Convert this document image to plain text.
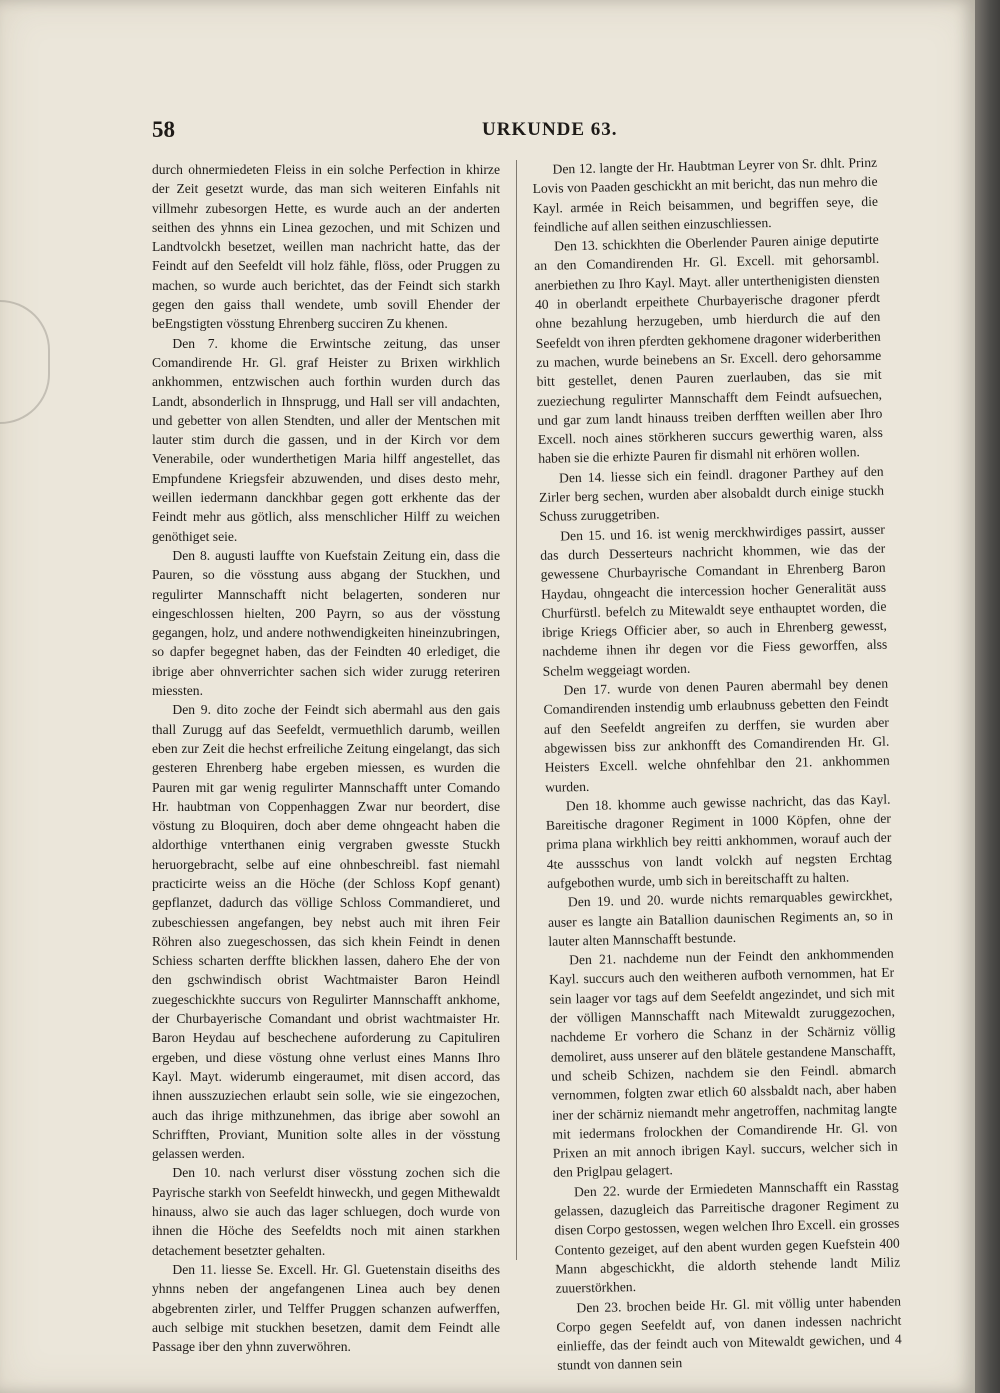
58	URKUNDE 63.

durch ohnermiedeten Fleiss in ein solche Perfection in khirze der Zeit gesetzt wurde, das man sich weiteren Einfahls nit villmehr zubesorgen Hette, es wurde auch an der anderten seithen des yhnns ein Linea gezochen, und mit Schizen und Landtvolckh besetzet, weillen man nachricht hatte, das der Feindt auf den Seefeldt vill holz fähle, flöss, oder Pruggen zu machen, so wurde auch berichtet, das der Feindt sich starkh gegen den gaiss thall wendete, umb sovill Ehender der beEngstigten vösstung Ehrenberg succiren Zu khenen.

Den 7. khome die Erwintsche zeitung, das unser Comandirende Hr. Gl. graf Heister zu Brixen wirkhlich ankhommen, entzwischen auch forthin wurden durch das Landt, absonderlich in Ihnsprugg, und Hall ser vill andachten, und gebetter von allen Stendten, und aller der Mentschen mit lauter stim durch die gassen, und in der Kirch vor dem Venerabile, oder wunderthetigen Maria hilff angestellet, das Empfundene Kriegsfeir abzuwenden, und dises desto mehr, weillen iedermann danckhbar gegen gott erkhente das der Feindt mehr aus götlich, alss menschlicher Hilff zu weichen genöthiget seie.

Den 8. augusti lauffte von Kuefstain Zeitung ein, dass die Pauren, so die vösstung auss abgang der Stuckhen, und regulirter Mannschafft nicht belagerten, sonderen nur eingeschlossen hielten, 200 Payrn, so aus der vösstung gegangen, holz, und andere nothwendigkeiten hineinzubringen, so dapfer begegnet haben, das der Feindten 40 erlediget, die ibrige aber ohnverrichter sachen sich wider zurugg reteriren miessten.

Den 9. dito zoche der Feindt sich abermahl aus den gais thall Zurugg auf das Seefeldt, vermuethlich darumb, weillen eben zur Zeit die hechst erfreiliche Zeitung eingelangt, das sich gesteren Ehrenberg habe ergeben miessen, es wurden die Pauren mit gar wenig regulirter Mannschafft unter Comando Hr. haubtman von Coppenhaggen Zwar nur beordert, dise vöstung zu Bloquiren, doch aber deme ohngeacht haben die aldorthige vnterthanen einig vergraben gwesste Stuckh heruorgebracht, selbe auf eine ohnbeschreibl. fast niemahl practicirte weiss an die Höche (der Schloss Kopf genant) gepflanzet, dadurch das völlige Schloss Commandieret, und zubeschiessen angefangen, bey nebst auch mit ihren Feir Röhren also zuegeschossen, das sich khein Feindt in denen Schiess scharten derffte blickhen lassen, dahero Ehe der von den gschwindisch obrist Wachtmaister Baron Heindl zuegeschickhte succurs von Regulirter Mannschafft ankhome, der Churbayerische Comandant und obrist wachtmaister Hr. Baron Heydau auf beschechene auforderung zu Capituliren ergeben, und diese vöstung ohne verlust eines Manns Ihro Kayl. Mayt. widerumb eingeraumet, mit disen accord, das ihnen ausszuziechen erlaubt sein solle, wie sie eingezochen, auch das ihrige mithzunehmen, das ibrige aber sowohl an Schrifften, Proviant, Munition solte alles in der vösstung gelassen werden.

Den 10. nach verlurst diser vösstung zochen sich die Payrische starkh von Seefeldt hinweckh, und gegen Mithewaldt hinauss, alwo sie auch das lager schluegen, doch wurde von ihnen die Höche des Seefeldts noch mit ainen starkhen detachement besetzter gehalten.

Den 11. liesse Se. Excell. Hr. Gl. Guetenstain diseiths des yhnns neben der angefangenen Linea auch bey denen abgebrenten zirler, und Telffer Pruggen schanzen aufwerffen, auch selbige mit stuckhen besetzen, damit dem Feindt alle Passage iber den yhnn zuverwöhren.

Den 12. langte der Hr. Haubtman Leyrer von Sr. dhlt. Prinz Lovis von Paaden geschickht an mit bericht, das nun mehro die Kayl. armée in Reich beisammen, und begriffen seye, die feindliche auf allen seithen einzuschliessen.

Den 13. schickhten die Oberlender Pauren ainige deputirte an den Comandirenden Hr. Gl. Excell. mit gehorsambl. anerbiethen zu Ihro Kayl. Mayt. aller unterthenigisten diensten 40 in oberlandt erpeithete Churbayerische dragoner pferdt ohne bezahlung herzugeben, umb hierdurch die auf den Seefeldt von ihren pferdten gekhomene dragoner widerberithen zu machen, wurde beinebens an Sr. Excell. dero gehorsamme bitt gestellet, denen Pauren zuerlauben, das sie mit zueziechung regulirter Mannschafft dem Feindt aufsuechen, und gar zum landt hinauss treiben derfften weillen aber Ihro Excell. noch aines störkheren succurs gewerthig waren, alss haben sie die erhizte Pauren fir dismahl nit erhören wollen.

Den 14. liesse sich ein feindl. dragoner Parthey auf den Zirler berg sechen, wurden aber alsobaldt durch einige stuckh Schuss zuruggetriben.

Den 15. und 16. ist wenig merckhwirdiges passirt, ausser das durch Desserteurs nachricht khommen, wie das der gewessene Churbayrische Comandant in Ehrenberg Baron Haydau, ohngeacht die intercession hocher Generalität auss Churfürstl. befelch zu Mitewaldt seye enthauptet worden, die ibrige Kriegs Officier aber, so auch in Ehrenberg gewesst, nachdeme ihnen ihr degen vor die Fiess geworffen, alss Schelm weggeiagt worden.

Den 17. wurde von denen Pauren abermahl bey denen Comandirenden instendig umb erlaubnuss gebetten den Feindt auf den Seefeldt angreifen zu derffen, sie wurden aber abgewissen biss zur ankhonfft des Comandirenden Hr. Gl. Heisters Excell. welche ohnfehlbar den 21. ankhommen wurden.

Den 18. khomme auch gewisse nachricht, das das Kayl. Bareitische dragoner Regiment in 1000 Köpfen, ohne der prima plana wirkhlich bey reitti ankhommen, worauf auch der 4te aussschus von landt volckh auf negsten Erchtag aufgebothen wurde, umb sich in bereitschafft zu halten.

Den 19. und 20. wurde nichts remarquables gewirckhet, auser es langte ain Batallion daunischen Regiments an, so in lauter alten Mannschafft bestunde.

Den 21. nachdeme nun der Feindt den ankhommenden Kayl. succurs auch den weitheren aufboth vernommen, hat Er sein laager vor tags auf dem Seefeldt angezindet, und sich mit der völligen Mannschafft nach Mitewaldt zuruggezochen, nachdeme Er vorhero die Schanz in der Schärniz völlig demoliret, auss unserer auf den blätele gestandene Manschafft, und scheib Schizen, nachdem sie den Feindl. abmarch vernommen, folgten zwar etlich 60 alssbaldt nach, aber haben iner der schärniz niemandt mehr angetroffen, nachmitag langte mit iedermans frolockhen der Comandirende Hr. Gl. von Prixen an mit annoch ibrigen Kayl. succurs, welcher sich in den Priglpau gelagert.

Den 22. wurde der Ermiedeten Mannschafft ein Rasstag gelassen, dazugleich das Parreitische dragoner Regiment zu disen Corpo gestossen, wegen welchen Ihro Excell. ein grosses Contento gezeiget, auf den abent wurden gegen Kuefstein 400 Mann abgeschickht, die aldorth stehende landt Miliz zuuerstörkhen.

Den 23. brochen beide Hr. Gl. mit völlig unter habenden Corpo gegen Seefeldt auf, von danen indessen nachricht einlieffe, das der feindt auch von Mitewaldt gewichen, und 4 stundt von dannen sein
